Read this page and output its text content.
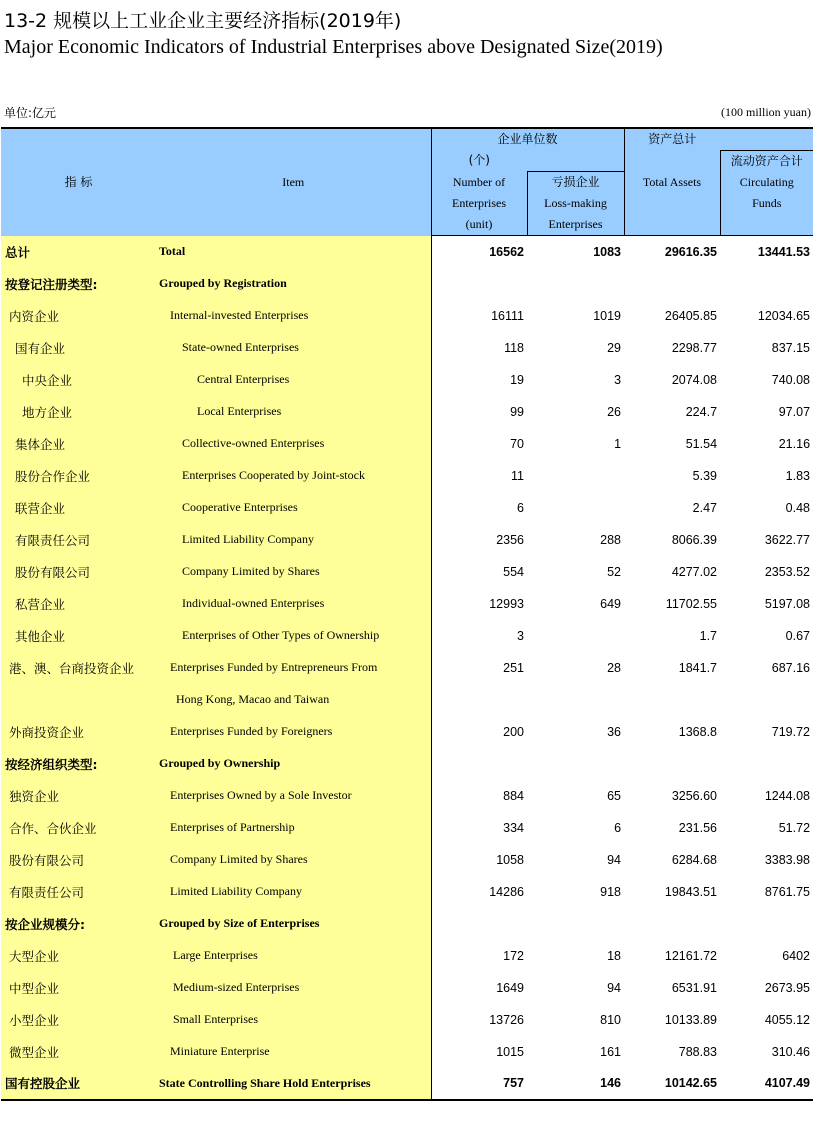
13-2 规模以上工业企业主要经济指标(2019年)
Major Economic Indicators of Industrial Enterprises above Designated Size(2019)
单位:亿元	(100 million yuan)
指 标	Item	企业单位数		资产总计	
		(个)			流动资产合计
		Number of	亏损企业	Total Assets	Circulating
		Enterprises	Loss-making		Funds
		(unit)	Enterprises		
总计	Total	16562	1083	29616.35	13441.53
按登记注册类型:	Grouped by Registration				
内资企业	Internal-invested Enterprises	16111	1019	26405.85	12034.65
国有企业	State-owned Enterprises	118	29	2298.77	837.15
中央企业	Central Enterprises	19	3	2074.08	740.08
地方企业	Local Enterprises	99	26	224.7	97.07
集体企业	Collective-owned Enterprises	70	1	51.54	21.16
股份合作企业	Enterprises Cooperated by Joint-stock	11		5.39	1.83
联营企业	Cooperative Enterprises	6		2.47	0.48
有限责任公司	Limited Liability Company	2356	288	8066.39	3622.77
股份有限公司	Company Limited by Shares	554	52	4277.02	2353.52
私营企业	Individual-owned Enterprises	12993	649	11702.55	5197.08
其他企业	Enterprises of Other Types of Ownership	3		1.7	0.67
港、澳、台商投资企业	Enterprises Funded by Entrepreneurs From	251	28	1841.7	687.16
	Hong Kong, Macao and Taiwan				
外商投资企业	Enterprises Funded by Foreigners	200	36	1368.8	719.72
按经济组织类型:	Grouped by Ownership				
独资企业	Enterprises Owned by a Sole Investor	884	65	3256.60	1244.08
合作、合伙企业	Enterprises of Partnership	334	6	231.56	51.72
股份有限公司	Company Limited by Shares	1058	94	6284.68	3383.98
有限责任公司	Limited Liability Company	14286	918	19843.51	8761.75
按企业规模分:	Grouped by Size of Enterprises				
大型企业	Large Enterprises	172	18	12161.72	6402
中型企业	Medium-sized Enterprises	1649	94	6531.91	2673.95
小型企业	Small Enterprises	13726	810	10133.89	4055.12
微型企业	Miniature Enterprise	1015	161	788.83	310.46
国有控股企业	State Controlling Share Hold Enterprises	757	146	10142.65	4107.49
